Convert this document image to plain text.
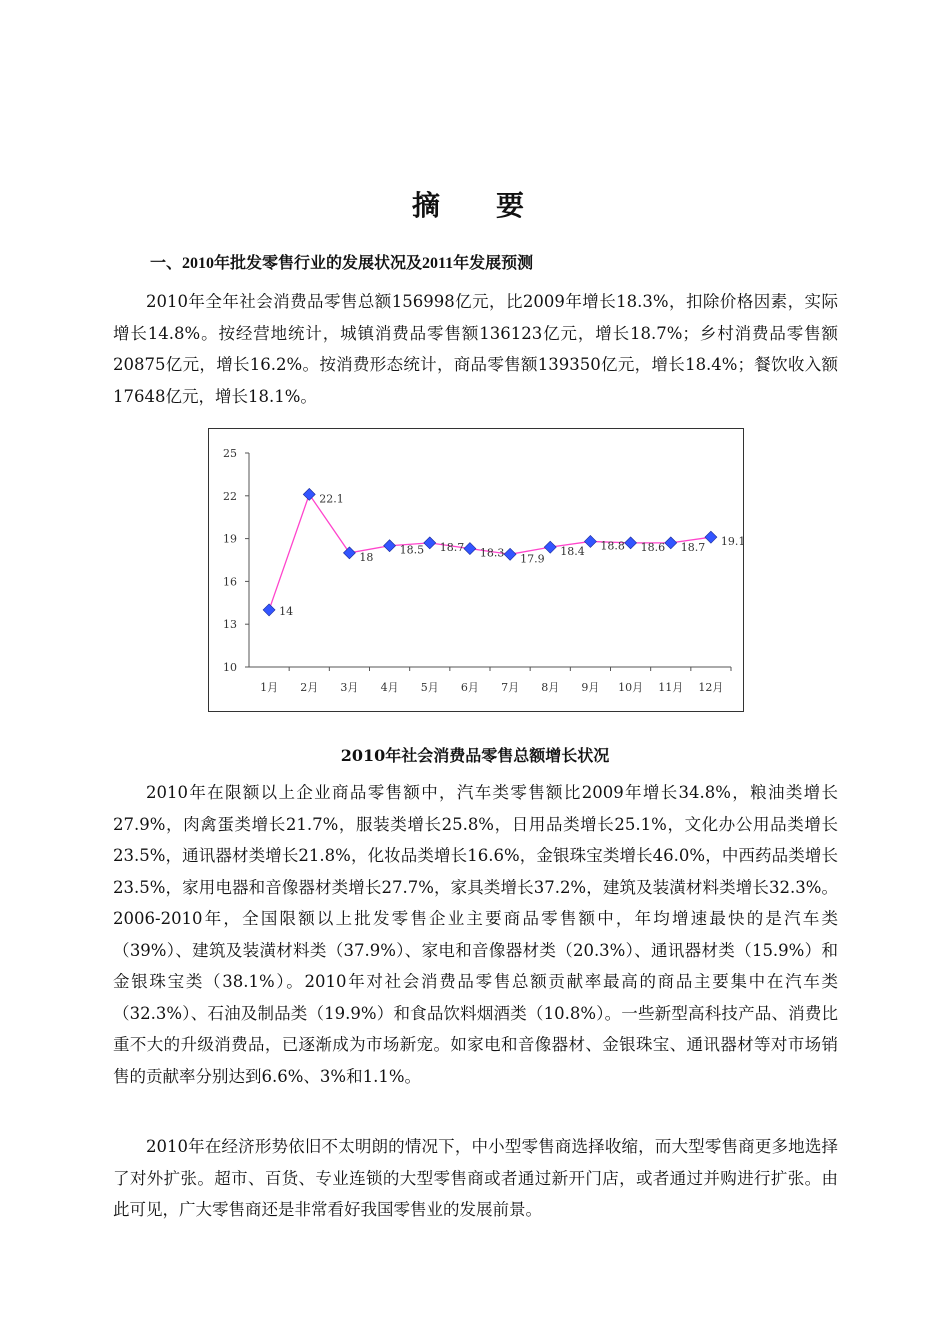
摘　要
一、2010年批发零售行业的发展状况及2011年发展预测

2010年全年社会消费品零售总额156998亿元，比2009年增长18.3%，扣除价格因素，实际增长14.8%。按经营地统计，城镇消费品零售额136123亿元，增长18.7%；乡村消费品零售额20875亿元，增长16.2%。按消费形态统计，商品零售额139350亿元，增长18.4%；餐饮收入额17648亿元，增长18.1%。

25
22
19
16
13
10
1月 2月 3月 4月 5月 6月 7月 8月 9月 10月 11月 12月
14
22.1
18
18.5 18.7 18.3 17.9
18.4 18.8 18.6 18.7 19.1

2010年社会消费品零售总额增长状况

2010年在限额以上企业商品零售额中，汽车类零售额比2009年增长34.8%，粮油类增长27.9%，肉禽蛋类增长21.7%，服装类增长25.8%，日用品类增长25.1%，文化办公用品类增长23.5%，通讯器材类增长21.8%，化妆品类增长16.6%，金银珠宝类增长46.0%，中西药品类增长23.5%，家用电器和音像器材类增长27.7%，家具类增长37.2%，建筑及装潢材料类增长32.3%。2006-2010年，全国限额以上批发零售企业主要商品零售额中，年均增速最快的是汽车类（39%）、建筑及装潢材料类（37.9%）、家电和音像器材类（20.3%）、通讯器材类（15.9%）和金银珠宝类（38.1%）。2010年对社会消费品零售总额贡献率最高的商品主要集中在汽车类（32.3%）、石油及制品类（19.9%）和食品饮料烟酒类（10.8%）。一些新型高科技产品、消费比重不大的升级消费品，已逐渐成为市场新宠。如家电和音像器材、金银珠宝、通讯器材等对市场销售的贡献率分别达到6.6%、3%和1.1%。

2010年在经济形势依旧不太明朗的情况下，中小型零售商选择收缩，而大型零售商更多地选择了对外扩张。超市、百货、专业连锁的大型零售商或者通过新开门店，或者通过并购进行扩张。由此可见，广大零售商还是非常看好我国零售业的发展前景。
